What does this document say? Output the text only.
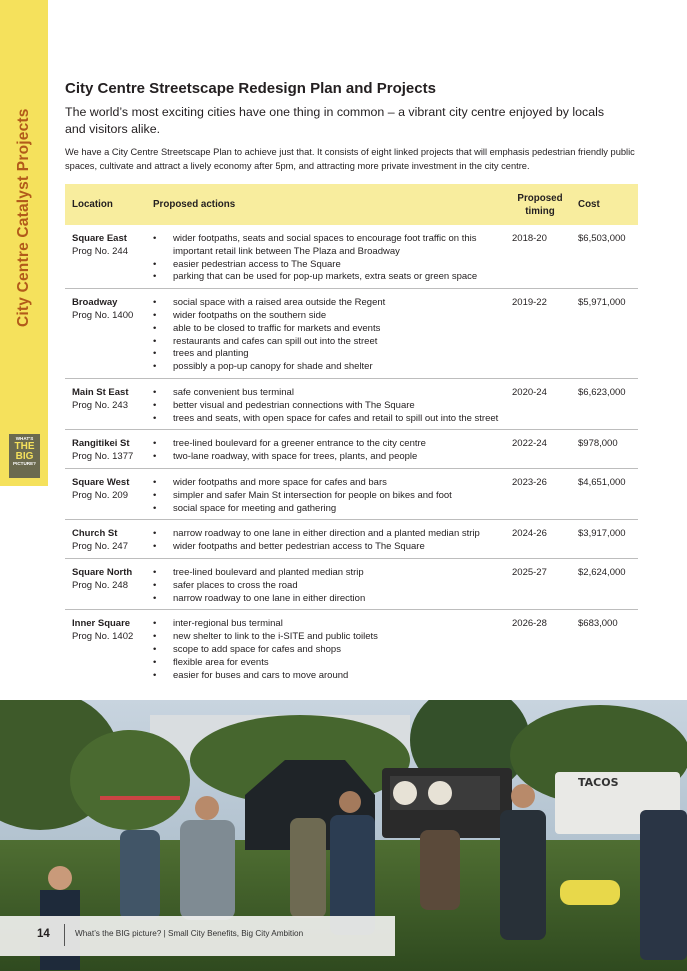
City Centre Catalyst Projects
WHAT'S
THE
BIG
PICTURE?
City Centre Streetscape Redesign Plan and Projects

The world’s most exciting cities have one thing in common – a vibrant city centre enjoyed by locals and visitors alike.

We have a City Centre Streetscape Plan to achieve just that. It consists of eight linked projects that will emphasis pedestrian friendly public spaces, cultivate and attract a lively economy after 5pm, and attracting more private investment in the city centre.

Location	Proposed actions
Proposed timing
Cost
Square East
Prog No. 244
• wider footpaths, seats and social spaces to encourage foot traffic on this important retail link between The Plaza and Broadway
• easier pedestrian access to The Square
• parking that can be used for pop-up markets, extra seats or green space
2018-20	$6,503,000
Broadway
Prog No. 1400
• social space with a raised area outside the Regent
• wider footpaths on the southern side
• able to be closed to traffic for markets and events
• restaurants and cafes can spill out into the street
• trees and planting
• possibly a pop-up canopy for shade and shelter
2019-22	$5,971,000
Main St East
Prog No. 243
• safe convenient bus terminal
• better visual and pedestrian connections with The Square
• trees and seats, with open space for cafes and retail to spill out into the street
2020-24	$6,623,000
Rangitikei St
Prog No. 1377
• tree-lined boulevard for a greener entrance to the city centre
• two-lane roadway, with space for trees, plants, and people
2022-24	$978,000
Square West
Prog No. 209
• wider footpaths and more space for cafes and bars
• simpler and safer Main St intersection for people on bikes and foot
• social space for meeting and gathering
2023-26	$4,651,000
Church St
Prog No. 247
• narrow roadway to one lane in either direction and a planted median strip
• wider footpaths and better pedestrian access to The Square
2024-26	$3,917,000
Square North
Prog No. 248
• tree-lined boulevard and planted median strip
• safer places to cross the road
• narrow roadway to one lane in either direction
2025-27	$2,624,000
Inner Square
Prog No. 1402
• inter-regional bus terminal
• new shelter to link to the i-SITE and public toilets
• scope to add space for cafes and shops
• flexible area for events
• easier for buses and cars to move around
2026-28	$683,000
TACOS
14	What’s the BIG picture? | Small City Benefits, Big City Ambition
